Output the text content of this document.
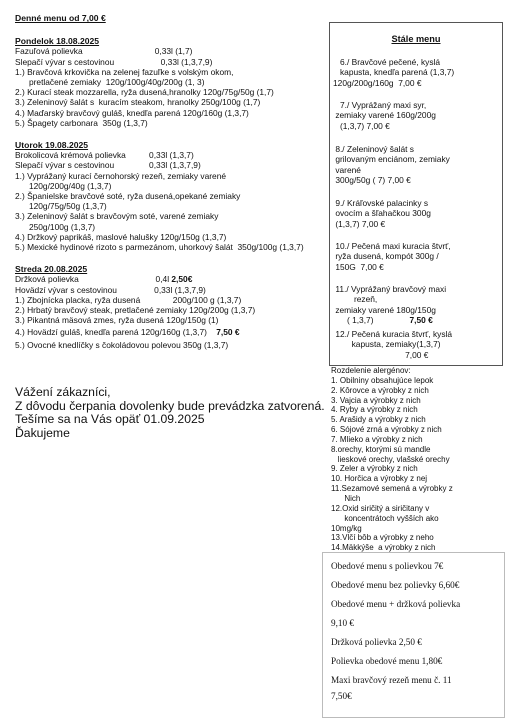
Denné menu od 7,00 €
Pondelok 18.08.2025
Fazuľová polievka                               0,33l (1,7)
Slepačí vývar s cestovinou                    0,33l (1,3,7,9)
1.) Bravčová krkovička na zelenej fazuľke s volským okom,
pretlačené zemiaky  120g/100g/40g/200g (1, 3)
2.) Kurací steak mozzarella, ryža dusená,hranolky 120g/75g/50g (1,7)
3.) Zeleninový šalát s  kuracím steakom, hranolky 250g/100g (1,7)
4.) Maďarský bravčový guláš, knedľa parená 120g/160g (1,3,7)
5.) Špagety carbonara  350g (1,3,7)
Utorok 19.08.2025
Brokolicová krémová polievka          0,33l (1,3,7)
Slepačí vývar s cestovinou               0,33l (1,3,7,9)
1.) Vyprážaný kurací černohorský rezeň, zemiaky varené
120g/200g/40g (1,3,7)
2.) Španielske bravčové soté, ryža dusená,opekané zemiaky
120g/75g/50g (1,3,7)
3.) Zeleninový šalát s bravčovým soté, varené zemiaky
250g/100g (1,3,7)
4.) Držkový paprikáš, maslové halušky 120g/150g (1,3,7)
5.) Mexické hydinové rizoto s parmezánom, uhorkový šalát  350g/100g (1,3,7)
Streda 20.08.2025
Držková polievka                                 0,4l 2,50€
Hovädzí vývar s cestovinou                0,33l (1,3,7,9)
1.) Zbojnícka placka, ryža dusená              200g/100 g (1,3,7)
2.) Hrbatý bravčový steak, pretlačené zemiaky 120g/200g (1,3,7)
3.) Pikantná mäsová zmes, ryža dusená 120g/150g (1)
4.) Hovädzí guláš, knedľa parená 120g/160g (1,3,7)    7,50 €
5.) Ovocné knedlíčky s čokoládovou polevou 350g (1,3,7)
Vážení zákazníci,
Z dôvodu čerpania dovolenky bude prevádzka zatvorená.
Tešíme sa na Vás opäť 01.09.2025
Ďakujeme
Stále menu
6./ Bravčové pečené, kyslá
kapusta, knedľa parená (1,3,7)
120g/200g/160g  7,00 €
7./ Vyprážaný maxi syr,
zemiaky varené 160g/200g
(1,3,7) 7,00 €
8./ Zeleninový šalát s
grilovaným enciánom, zemiaky
varené
300g/50g ( 7) 7,00 €
9./ Kráľovské palacinky s
ovocím a šľahačkou 300g
(1,3,7) 7,00 €
10./ Pečená maxi kuracia štvrť,
ryža dusená, kompót 300g /
150G  7,00 €
11./ Vyprážaný bravčový maxi
rezeň,
zemiaky varené 180g/150g
( 1,3,7)	7,50 €
12./ Pečená kuracia štvrť, kyslá
kapusta, zemiaky(1,3,7)
7,00 €
Rozdelenie alergénov:
1. Obilniny obsahujúce lepok
2. Kôrovce a výrobky z nich
3. Vajcia a výrobky z nich
4. Ryby a výrobky z nich
5. Arašidy a výrobky z nich
6. Sójové zrná a výrobky z nich
7. Mlieko a výrobky z nich
8.orechy, ktorými sú mandle
lieskové orechy, vlašské orechy
9. Zeler a výrobky z nich
10. Horčica a výrobky z nej
11.Sezamové semená a výrobky z
Nich
12.Oxid siričitý a siričitany v
koncentrátoch vyšších ako
10mg/kg
13.Vlčí bôb a výrobky z neho
14.Mäkkýše  a výrobky z nich
Obedové menu s polievkou 7€
Obedové menu bez polievky 6,60€
Obedové menu + držková polievka
9,10 €
Držková polievka 2,50 €
Polievka obedové menu 1,80€
Maxi bravčový rezeň menu č. 11
7,50€
